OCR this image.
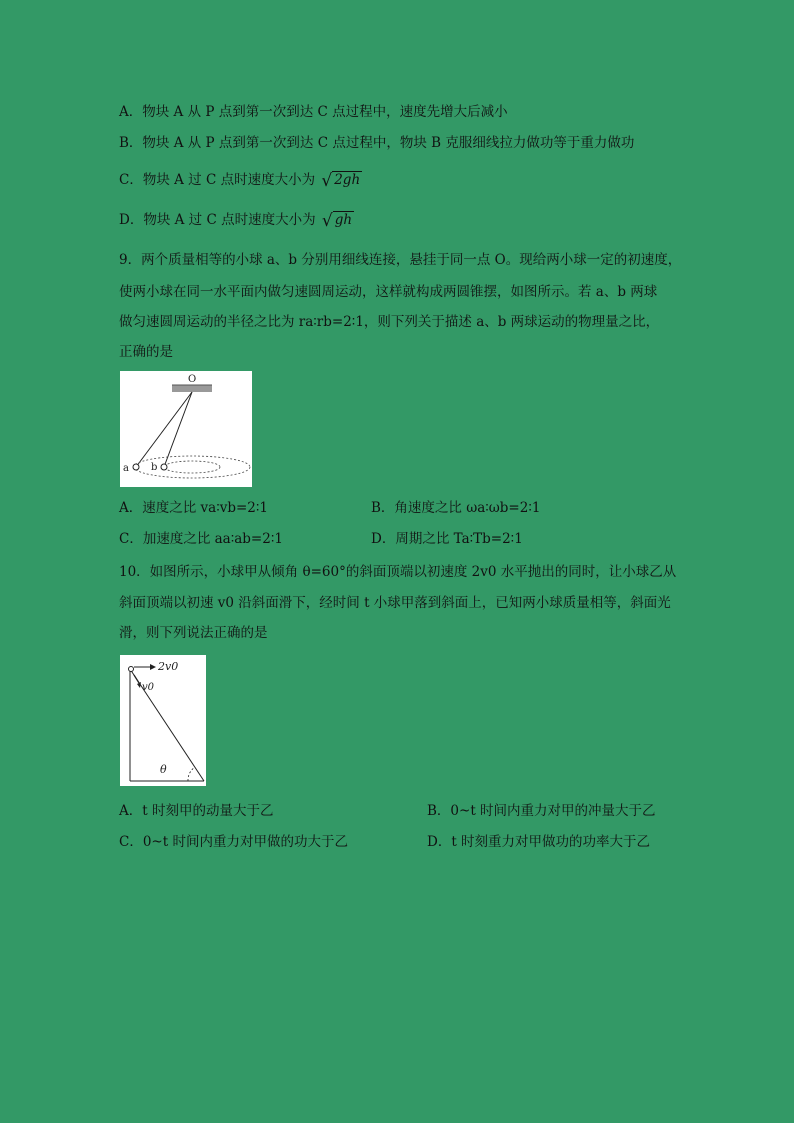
A．物块 A 从 P 点到第一次到达 C 点过程中，速度先增大后减小
B．物块 A 从 P 点到第一次到达 C 点过程中，物块 B 克服细线拉力做功等于重力做功
C．物块 A 过 C 点时速度大小为 √ 2gh
D．物块 A 过 C 点时速度大小为 √ gh
9．两个质量相等的小球 a、b 分别用细线连接，悬挂于同一点 O。现给两小球一定的初速度，
使两小球在同一水平面内做匀速圆周运动，这样就构成两圆锥摆，如图所示。若 a、b 两球
做匀速圆周运动的半径之比为 ra∶rb=2∶1，则下列关于描述 a、b 两球运动的物理量之比，
正确的是
O
a b
A．速度之比 va∶vb=2∶1	B．角速度之比 ωa∶ωb=2∶1
C．加速度之比 aa∶ab=2∶1	D．周期之比 Ta∶Tb=2∶1
10．如图所示，小球甲从倾角 θ=60°的斜面顶端以初速度 2v0 水平抛出的同时，让小球乙从
斜面顶端以初速 v0 沿斜面滑下，经时间 t 小球甲落到斜面上，已知两小球质量相等，斜面光
滑，则下列说法正确的是
2v0
v0
θ
A．t 时刻甲的动量大于乙	B．0~t 时间内重力对甲的冲量大于乙
C．0~t 时间内重力对甲做的功大于乙	D．t 时刻重力对甲做功的功率大于乙
